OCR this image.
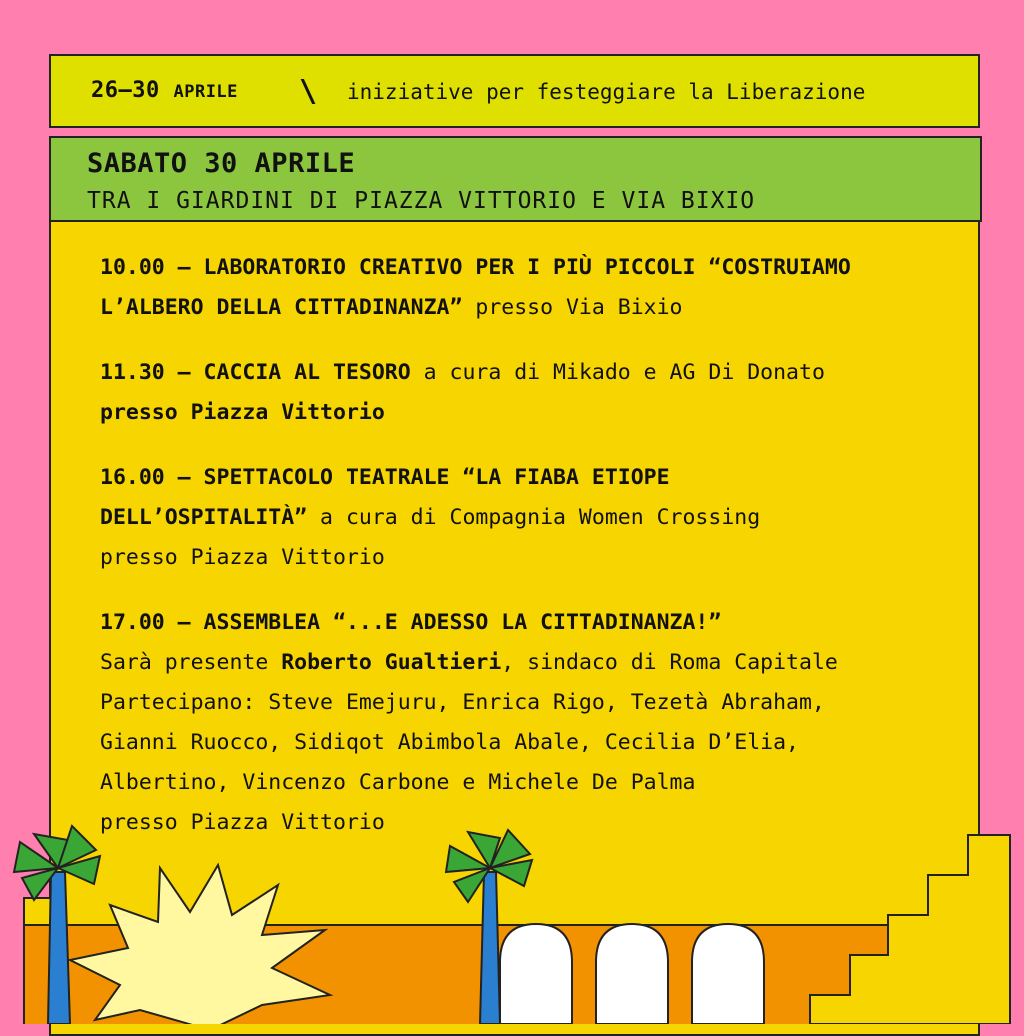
26–30 APRILE \ iniziative per festeggiare la Liberazione
SABATO 30 APRILE
TRA I GIARDINI DI PIAZZA VITTORIO E VIA BIXIO

10.00 – LABORATORIO CREATIVO PER I PIÙ PICCOLI “COSTRUIAMO

L’ALBERO DELLA CITTADINANZA” presso Via Bixio

11.30 – CACCIA AL TESORO a cura di Mikado e AG Di Donato

presso Piazza Vittorio

16.00 – SPETTACOLO TEATRALE “LA FIABA ETIOPE

DELL’OSPITALITÀ” a cura di Compagnia Women Crossing

presso Piazza Vittorio

17.00 – ASSEMBLEA “...E ADESSO LA CITTADINANZA!”

Sarà presente Roberto Gualtieri, sindaco di Roma Capitale

Partecipano: Steve Emejuru, Enrica Rigo, Tezetà Abraham,

Gianni Ruocco, Sidiqot Abimbola Abale, Cecilia D’Elia,

Albertino, Vincenzo Carbone e Michele De Palma

presso Piazza Vittorio
